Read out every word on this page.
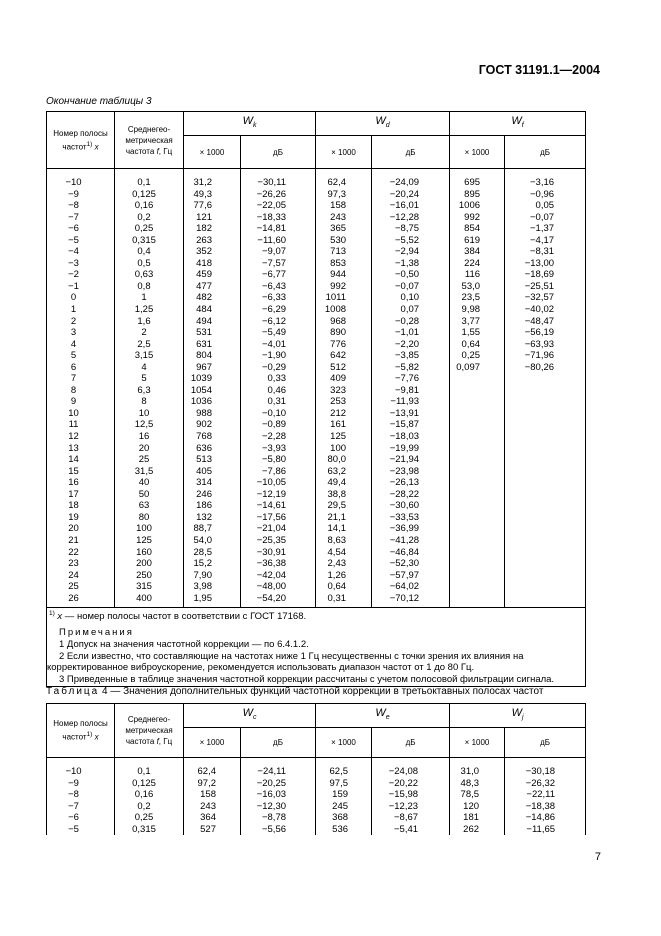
ГОСТ 31191.1—2004
Окончание таблицы 3
Номер полосы частот$^{1)}$ x	Среднегео-метрическая частота f, Гц	$W_k$		$W_d$		$W_f$
		× 1000	дБ	× 1000	дБ	× 1000	дБ
−10	0,1	31,2	−30,11	62,4	−24,09	695	−3,16
−9	0,125	49,3	−26,26	97,3	−20,24	895	−0,96
−8	0,16	77,6	−22,05	158	−16,01	1006	0,05
−7	0,2	121	−18,33	243	−12,28	992	−0,07
−6	0,25	182	−14,81	365	−8,75	854	−1,37
−5	0,315	263	−11,60	530	−5,52	619	−4,17
−4	0,4	352	−9,07	713	−2,94	384	−8,31
−3	0,5	418	−7,57	853	−1,38	224	−13,00
−2	0,63	459	−6,77	944	−0,50	116	−18,69
−1	0,8	477	−6,43	992	−0,07	53,0	−25,51
0	1	482	−6,33	1011	0,10	23,5	−32,57
1	1,25	484	−6,29	1008	0,07	9,98	−40,02
2	1,6	494	−6,12	968	−0,28	3,77	−48,47
3	2	531	−5,49	890	−1,01	1,55	−56,19
4	2,5	631	−4,01	776	−2,20	0,64	−63,93
5	3,15	804	−1,90	642	−3,85	0,25	−71,96
6	4	967	−0,29	512	−5,82	0,097	−80,26
7	5	1039	0,33	409	−7,76		
8	6,3	1054	0,46	323	−9,81		
9	8	1036	0,31	253	−11,93		
10	10	988	−0,10	212	−13,91		
11	12,5	902	−0,89	161	−15,87		
12	16	768	−2,28	125	−18,03		
13	20	636	−3,93	100	−19,99		
14	25	513	−5,80	80,0	−21,94		
15	31,5	405	−7,86	63,2	−23,98		
16	40	314	−10,05	49,4	−26,13		
17	50	246	−12,19	38,8	−28,22		
18	63	186	−14,61	29,5	−30,60		
19	80	132	−17,56	21,1	−33,53		
20	100	88,7	−21,04	14,1	−36,99		
21	125	54,0	−25,35	8,63	−41,28		
22	160	28,5	−30,91	4,54	−46,84		
23	200	15,2	−36,38	2,43	−52,30		
24	250	7,90	−42,04	1,26	−57,97		
25	315	3,98	−48,00	0,64	−64,02		
26	400	1,95	−54,20	0,31	−70,12		

$^{1)}$ x — номер полосы частот в соответствии с ГОСТ 17168.

Примечания

1 Допуск на значения частотной коррекции — по 6.4.1.2.

2 Если известно, что составляющие на частотах ниже 1 Гц несущественны с точки зрения их влияния на корректированное виброускорение, рекомендуется использовать диапазон частот от 1 до 80 Гц.

3 Приведенные в таблице значения частотной коррекции рассчитаны с учетом полосовой фильтрации сигнала.							

Таблица 4 — Значения дополнительных функций частотной коррекции в третьоктавных полосах частот
Номер полосы частот$^{1)}$ x	Среднегео-метрическая частота f, Гц	$W_c$		$W_e$		$W_j$
		× 1000	дБ	× 1000	дБ	× 1000	дБ
−10	0,1	62,4	−24,11	62,5	−24,08	31,0	−30,18
−9	0,125	97,2	−20,25	97,5	−20,22	48,3	−26,32
−8	0,16	158	−16,03	159	−15,98	78,5	−22,11
−7	0,2	243	−12,30	245	−12,23	120	−18,38
−6	0,25	364	−8,78	368	−8,67	181	−14,86
−5	0,315	527	−5,56	536	−5,41	262	−11,65
7
